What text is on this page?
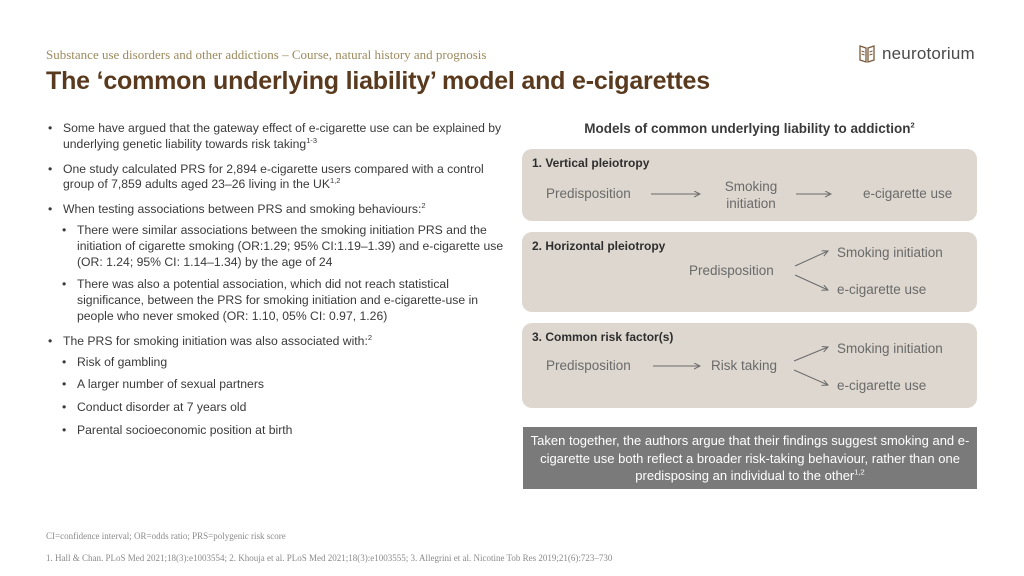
Substance use disorders and other addictions – Course, natural history and prognosis
The ‘common underlying liability’ model and e-cigarettes
neurotorium
• Some have argued that the gateway effect of e-cigarette use can be explained by underlying genetic liability towards risk taking$^{1-3}$
• One study calculated PRS for 2,894 e-cigarette users compared with a control group of 7,859 adults aged 23–26 living in the UK$^{1,2}$
• When testing associations between PRS and smoking behaviours:$^2$
• There were similar associations between the smoking initiation PRS and the initiation of cigarette smoking (OR:1.29; 95% CI:1.19–1.39) and e-cigarette use (OR: 1.24; 95% CI: 1.14–1.34) by the age of 24
• There was also a potential association, which did not reach statistical significance, between the PRS for smoking initiation and e-cigarette-use in people who never smoked (OR: 1.10, 05% CI: 0.97, 1.26)
• The PRS for smoking initiation was also associated with:$^2$
• Risk of gambling
• A larger number of sexual partners
• Conduct disorder at 7 years old
• Parental socioeconomic position at birth
Models of common underlying liability to addiction$^2$
1. Vertical pleiotropy
Predisposition	Smoking
initiation
e-cigarette use
2. Horizontal pleiotropy
Predisposition
Smoking initiation
e-cigarette use
3. Common risk factor(s)
Predisposition	Risk taking
Smoking initiation
e-cigarette use
Taken together, the authors argue that their findings suggest smoking and e-cigarette use both reflect a broader risk-taking behaviour, rather than one predisposing an individual to the other$^{1,2}$
CI=confidence interval; OR=odds ratio; PRS=polygenic risk score
1. Hall & Chan. PLoS Med 2021;18(3):e1003554; 2. Khouja et al. PLoS Med 2021;18(3):e1003555; 3. Allegrini et al. Nicotine Tob Res 2019;21(6):723–730
